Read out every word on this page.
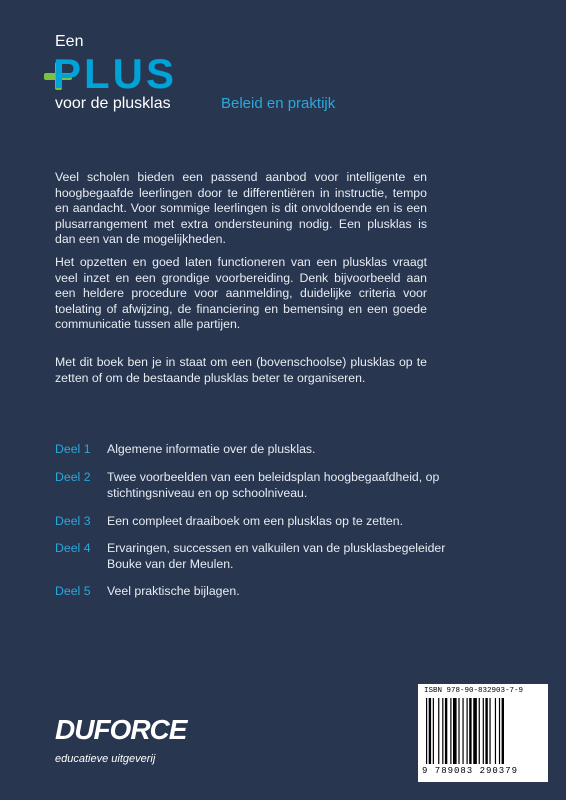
Een
PLUS
voor de plusklas	Beleid en praktijk
Veel scholen bieden een passend aanbod voor intelligente en hoogbegaafde leerlingen door te differentiëren in instructie, tempo en aandacht. Voor sommige leerlingen is dit onvoldoende en is een plusarrangement met extra ondersteuning nodig. Een plusklas is dan een van de mogelijkheden.
Het opzetten en goed laten functioneren van een plusklas vraagt veel inzet en een grondige voorbereiding. Denk bijvoorbeeld aan een heldere procedure voor aanmelding, duidelijke criteria voor toelating of afwijzing, de financiering en bemensing en een goede communicatie tussen alle partijen.
Met dit boek ben je in staat om een (bovenschoolse) plusklas op te zetten of om de bestaande plusklas beter te organiseren.
Deel 1	Algemene informatie over de plusklas.
Deel 2	Twee voorbeelden van een beleidsplan hoogbegaafdheid, op stichtingsniveau en op schoolniveau.
Deel 3	Een compleet draaiboek om een plusklas op te zetten.
Deel 4	Ervaringen, successen en valkuilen van de plusklasbegeleider Bouke van der Meulen.
Deel 5	Veel praktische bijlagen.
DUFORCE
educatieve uitgeverij
ISBN 978-90-832903-7-9
9 789083 290379
